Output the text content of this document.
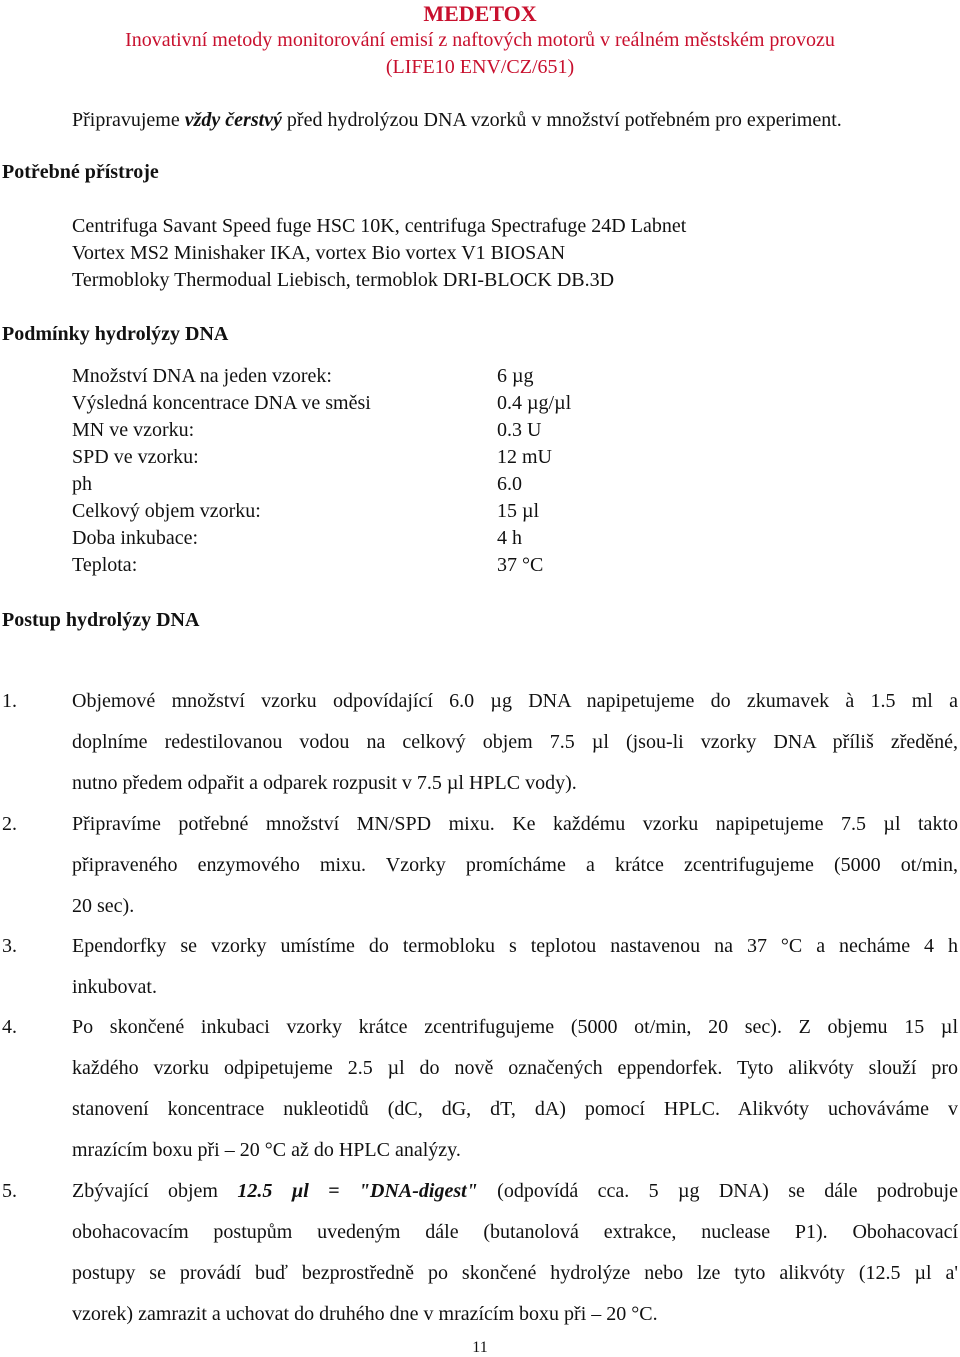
MEDETOX
Inovativní metody monitorování emisí z naftových motorů v reálném městském provozu
(LIFE10 ENV/CZ/651)
Připravujeme vždy čerstvý před hydrolýzou DNA vzorků v množství potřebném pro experiment.
Potřebné přístroje
Centrifuga Savant Speed fuge HSC 10K, centrifuga Spectrafuge 24D Labnet
Vortex MS2 Minishaker IKA, vortex Bio vortex V1 BIOSAN
Termobloky Thermodual Liebisch, termoblok DRI-BLOCK DB.3D
Podmínky hydrolýzy DNA
Množství DNA na jeden vzorek:	6 µg
Výsledná koncentrace DNA ve směsi	0.4 µg/µl
MN ve vzorku:	0.3 U
SPD ve vzorku:	12 mU
ph	6.0
Celkový objem vzorku:	15 µl
Doba inkubace:	4 h
Teplota:	37 °C
Postup hydrolýzy DNA
1.	Objemové množství vzorku odpovídající 6.0 µg DNA napipetujeme do zkumavek à 1.5 ml a
doplníme redestilovanou vodou na celkový objem 7.5 µl (jsou-li vzorky DNA příliš zředěné,
nutno předem odpařit a odparek rozpusit v 7.5 µl HPLC vody).
2.	Připravíme potřebné množství MN/SPD mixu. Ke každému vzorku napipetujeme 7.5 µl takto
připraveného enzymového mixu. Vzorky promícháme a krátce zcentrifugujeme (5000 ot/min,
20 sec).
3.	Ependorfky se vzorky umístíme do termobloku s teplotou nastavenou na 37 °C a necháme 4 h
inkubovat.
4.	Po skončené inkubaci vzorky krátce zcentrifugujeme (5000 ot/min, 20 sec). Z objemu 15 µl
každého vzorku odpipetujeme 2.5 µl do nově označených eppendorfek. Tyto alikvóty slouží pro
stanovení koncentrace nukleotidů (dC, dG, dT, dA) pomocí HPLC. Alikvóty uchováváme v
mrazícím boxu při – 20 °C až do HPLC analýzy.
5.	Zbývající objem 12.5 µl = "DNA-digest" (odpovídá cca. 5 µg DNA) se dále podrobuje
obohacovacím postupům uvedeným dále (butanolová extrakce, nuclease P1). Obohacovací
postupy se provádí buď bezprostředně po skončené hydrolýze nebo lze tyto alikvóty (12.5 µl a'
vzorek) zamrazit a uchovat do druhého dne v mrazícím boxu při – 20 °C.
11
